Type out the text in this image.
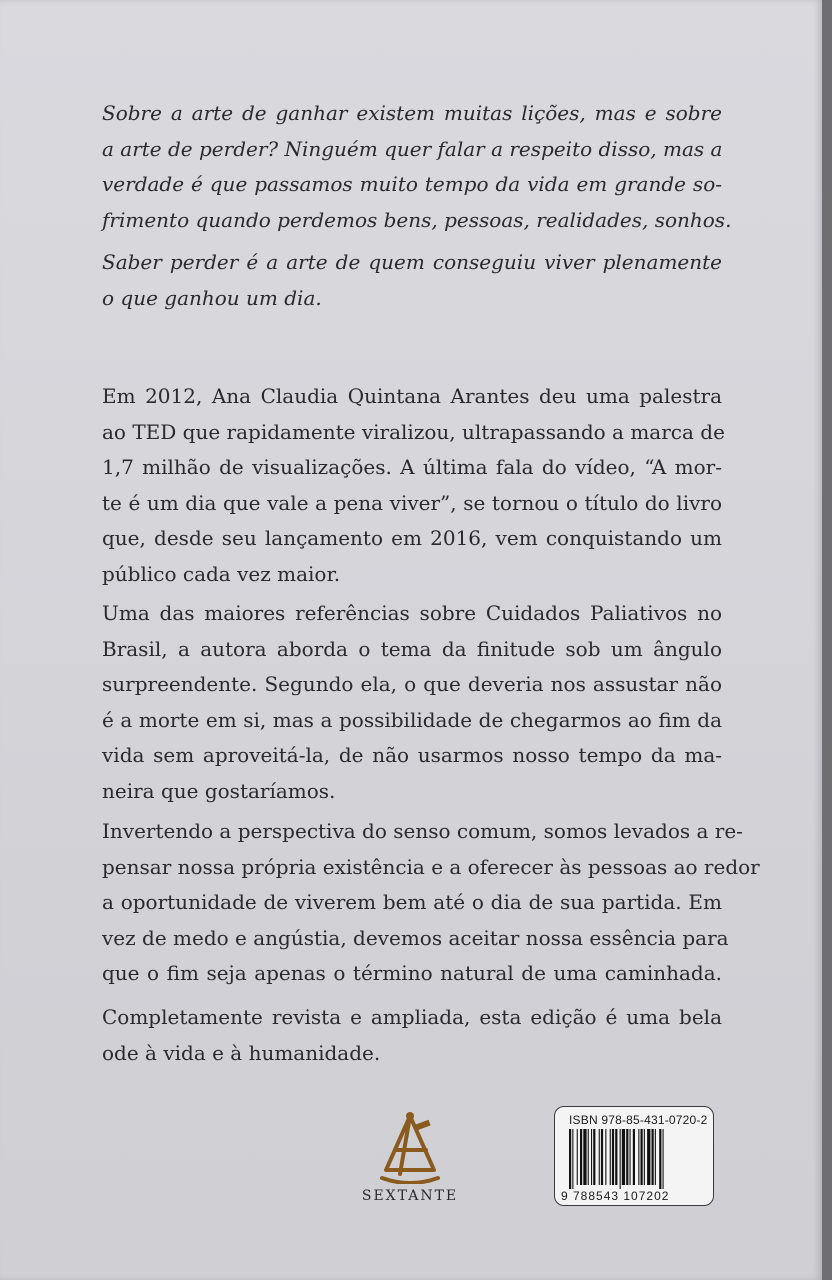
Sobre a arte de ganhar existem muitas lições, mas e sobre
a arte de perder? Ninguém quer falar a respeito disso, mas a
verdade é que passamos muito tempo da vida em grande so-
frimento quando perdemos bens, pessoas, realidades, sonhos.

Saber perder é a arte de quem conseguiu viver plenamente
o que ganhou um dia.

Em 2012, Ana Claudia Quintana Arantes deu uma palestra
ao TED que rapidamente viralizou, ultrapassando a marca de
1,7 milhão de visualizações. A última fala do vídeo, “A mor-
te é um dia que vale a pena viver”, se tornou o título do livro
que, desde seu lançamento em 2016, vem conquistando um
público cada vez maior.

Uma das maiores referências sobre Cuidados Paliativos no
Brasil, a autora aborda o tema da finitude sob um ângulo
surpreendente. Segundo ela, o que deveria nos assustar não
é a morte em si, mas a possibilidade de chegarmos ao fim da
vida sem aproveitá-la, de não usarmos nosso tempo da ma-
neira que gostaríamos.

Invertendo a perspectiva do senso comum, somos levados a re-
pensar nossa própria existência e a oferecer às pessoas ao redor
a oportunidade de viverem bem até o dia de sua partida. Em
vez de medo e angústia, devemos aceitar nossa essência para
que o fim seja apenas o término natural de uma caminhada.

Completamente revista e ampliada, esta edição é uma bela
ode à vida e à humanidade.

SEXTANTE
ISBN 978-85-431-0720-2
9 788543 107202
